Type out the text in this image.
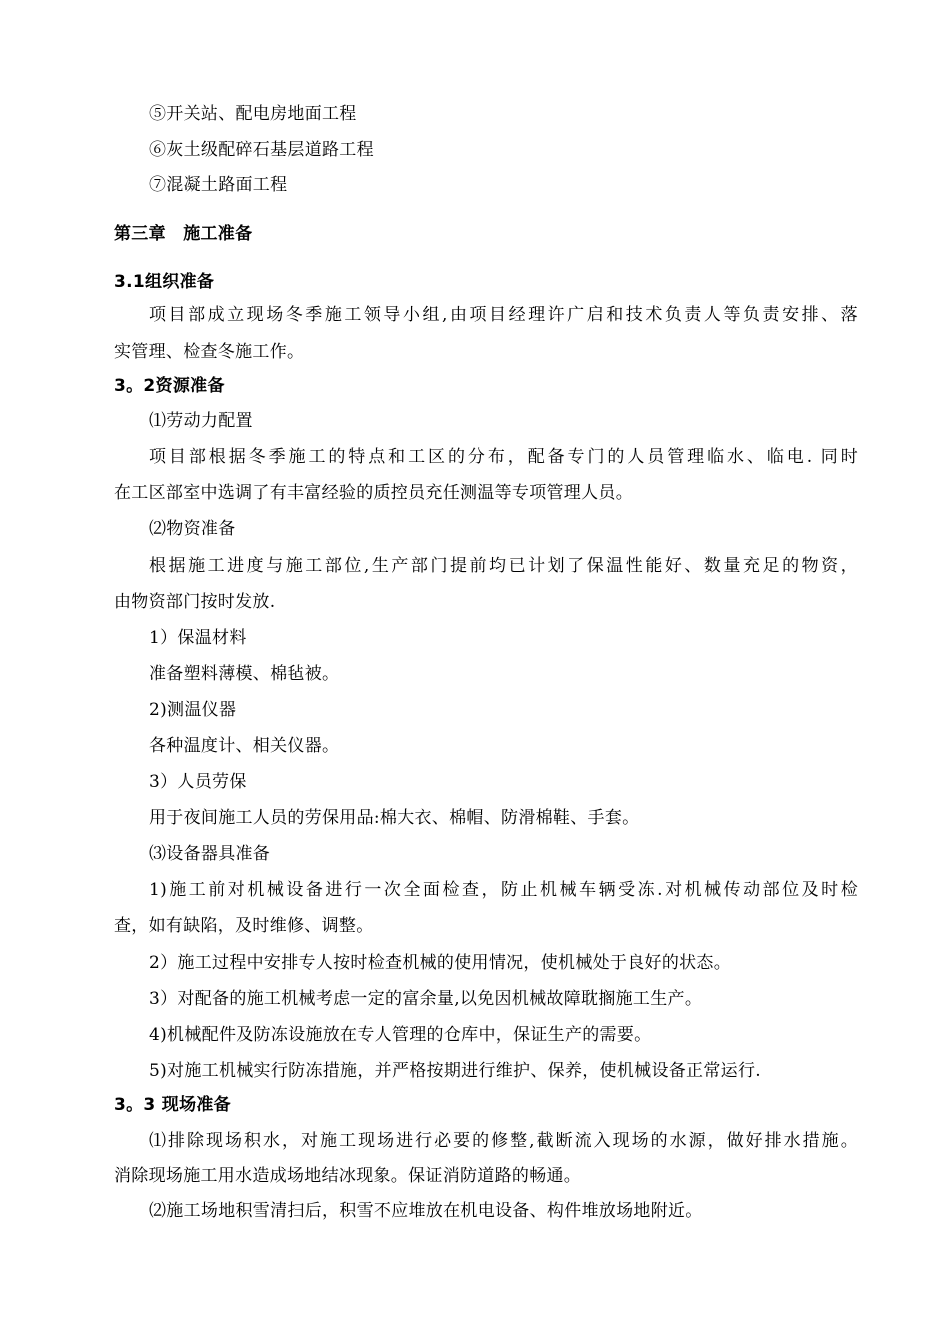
⑤开关站、配电房地面工程
⑥灰土级配碎石基层道路工程
⑦混凝土路面工程
第三章　施工准备
3.1组织准备
项目部成立现场冬季施工领导小组,由项目经理许广启和技术负责人等负责安排、落
实管理、检查冬施工作。
3。2资源准备
⑴劳动力配置
项目部根据冬季施工的特点和工区的分布，配备专门的人员管理临水、临电. 同时
在工区部室中选调了有丰富经验的质控员充任测温等专项管理人员。
⑵物资准备
根据施工进度与施工部位,生产部门提前均已计划了保温性能好、数量充足的物资，
由物资部门按时发放.
1）保温材料
准备塑料薄模、棉毡被。
2)测温仪器
各种温度计、相关仪器。
3）人员劳保
用于夜间施工人员的劳保用品:棉大衣、棉帽、防滑棉鞋、手套。
⑶设备器具准备
1)施工前对机械设备进行一次全面检查，防止机械车辆受冻.对机械传动部位及时检
查，如有缺陷，及时维修、调整。
2）施工过程中安排专人按时检查机械的使用情况，使机械处于良好的状态。
3）对配备的施工机械考虑一定的富余量,以免因机械故障耽搁施工生产。
4)机械配件及防冻设施放在专人管理的仓库中，保证生产的需要。
5)对施工机械实行防冻措施，并严格按期进行维护、保养，使机械设备正常运行.
3。3 现场准备
⑴排除现场积水，对施工现场进行必要的修整,截断流入现场的水源，做好排水措施。
消除现场施工用水造成场地结冰现象。保证消防道路的畅通。
⑵施工场地积雪清扫后，积雪不应堆放在机电设备、构件堆放场地附近。
